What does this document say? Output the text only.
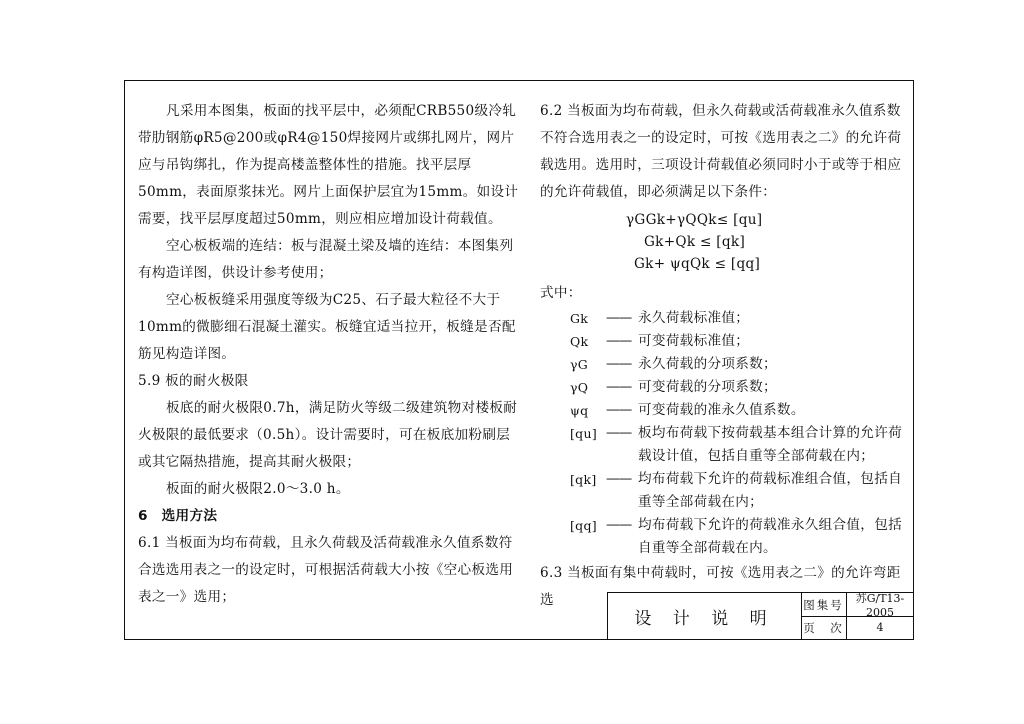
凡采用本图集，板面的找平层中，必须配CRB550级冷轧带肋钢筋φR5@200或φR4@150焊接网片或绑扎网片，网片应与吊钩绑扎，作为提高楼盖整体性的措施。找平层厚50mm，表面原浆抹光。网片上面保护层宜为15mm。如设计需要，找平层厚度超过50mm，则应相应增加设计荷载值。

空心板板端的连结：板与混凝土梁及墙的连结：本图集列有构造详图，供设计参考使用；

空心板板缝采用强度等级为C25、石子最大粒径不大于10mm的微膨细石混凝土灌实。板缝宜适当拉开，板缝是否配筋见构造详图。

5.9 板的耐火极限

板底的耐火极限0.7h，满足防火等级二级建筑物对楼板耐火极限的最低要求（0.5h）。设计需要时，可在板底加粉刷层或其它隔热措施，提高其耐火极限；

板面的耐火极限2.0～3.0 h。

6　选用方法

6.1 当板面为均布荷载，且永久荷载及活荷载准永久值系数符合选选用表之一的设定时，可根据活荷载大小按《空心板选用表之一》选用；

6.2 当板面为均布荷载，但永久荷载或活荷载准永久值系数不符合选用表之一的设定时，可按《选用表之二》的允许荷载选用。选用时，三项设计荷载值必须同时小于或等于相应的允许荷载值，即必须满足以下条件：

γGGk+γQQk≤ [qu]
Gk+Qk ≤ [qk]
Gk+ ψqQk ≤ [qq]

式中：

Gk	—— 永久荷载标准值；
Qk	—— 可变荷载标准值；
γG	—— 永久荷载的分项系数；
γQ	—— 可变荷载的分项系数；
ψq	—— 可变荷载的准永久值系数。
[qu] —— 板均布荷载下按荷载基本组合计算的允许荷载设计值，包括自重等全部荷载在内；
[qk] —— 均布荷载下允许的荷载标准组合值，包括自重等全部荷载在内；
[qq] —— 均布荷载下允许的荷载准永久组合值，包括自重等全部荷载在内。

6.3 当板面有集中荷载时，可按《选用表之二》的允许弯距选

设 计 说 明
图集号	苏G/T13-2005
页　次	4
